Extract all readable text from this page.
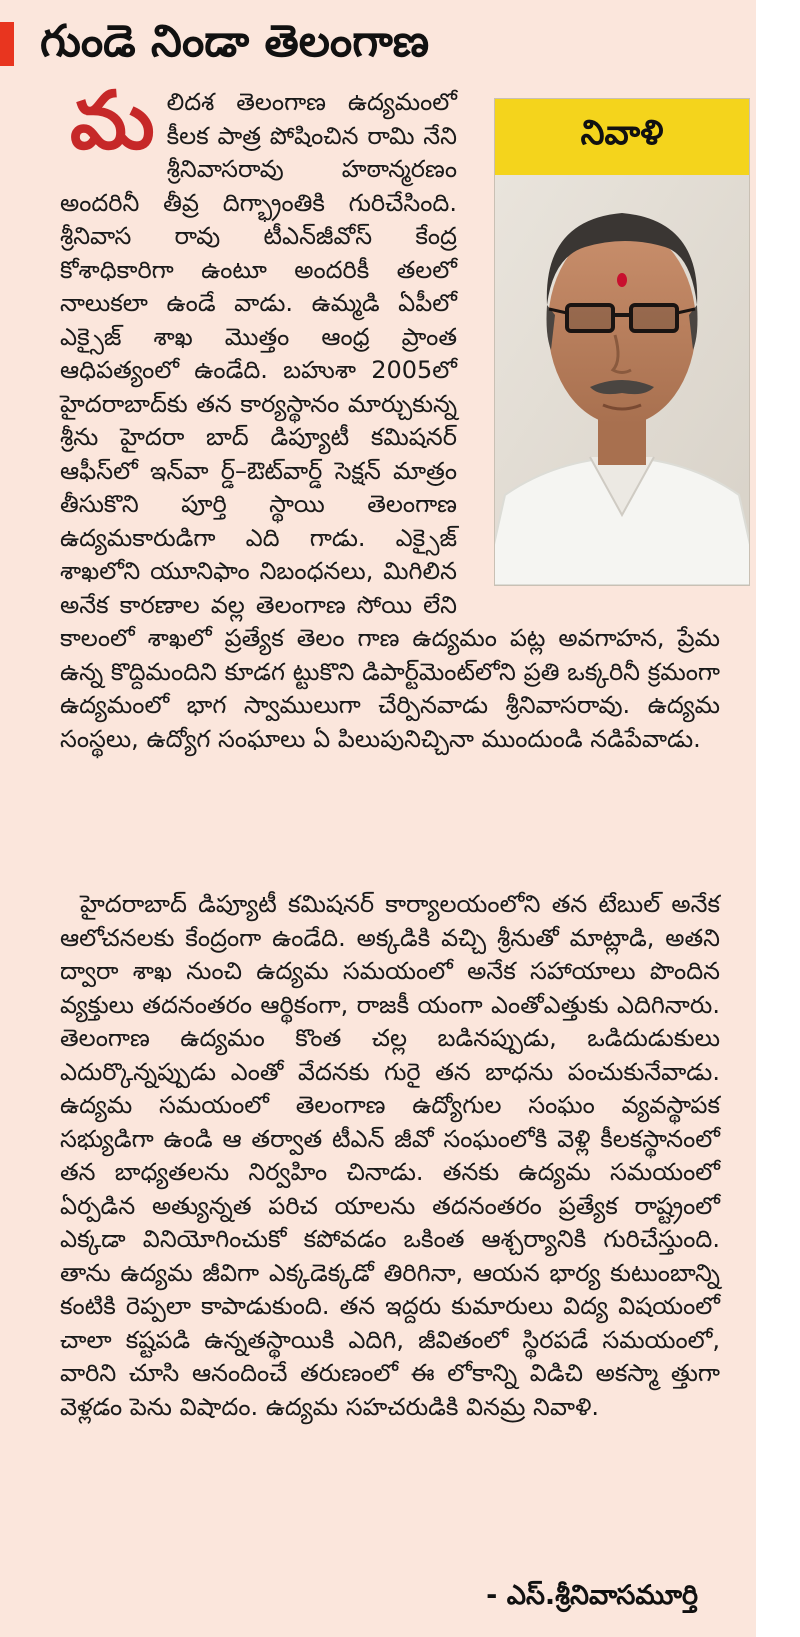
గుండె నిండా తెలంగాణ
మ లిదశ తెలంగాణ ఉద్యమంలో కీలక పాత్ర పోషించిన రామి నేని శ్రీనివాసరావు హఠాన్మరణం అందరినీ తీవ్ర దిగ్భ్రాంతికి గురిచేసింది. శ్రీనివాస రావు టీఎన్‌జీవోస్ కేంద్ర కోశాధికారిగా ఉంటూ అందరికీ తలలో నాలుకలా ఉండే వాడు. ఉమ్మడి ఏపీలో ఎక్సైజ్ శాఖ మొత్తం ఆంధ్ర ప్రాంత ఆధిపత్యంలో ఉండేది. బహుశా 2005లో హైదరాబాద్‌కు తన కార్యస్థానం మార్చుకున్న శ్రీను హైదరా బాద్ డిప్యూటీ కమిషనర్ ఆఫీస్‌లో ఇన్‌వా ర్డ్–ఔట్‌వార్డ్ సెక్షన్ మాత్రం తీసుకొని పూర్తి స్థాయి తెలంగాణ ఉద్యమకారుడిగా ఎది గాడు. ఎక్సైజ్ శాఖలోని యూనిఫాం నిబంధనలు, మిగిలిన అనేక కారణాల వల్ల తెలంగాణ సోయి లేని కాలంలో శాఖలో ప్రత్యేక తెలం గాణ ఉద్యమం పట్ల అవగాహన, ప్రేమ ఉన్న కొద్దిమందిని కూడగ ట్టుకొని డిపార్ట్‌మెంట్‌లోని ప్రతి ఒక్కరినీ క్రమంగా ఉద్యమంలో భాగ స్వాములుగా చేర్పినవాడు శ్రీనివాసరావు. ఉద్యమ సంస్థలు, ఉద్యోగ సంఘాలు ఏ పిలుపునిచ్చినా ముందుండి నడిపేవాడు.
నివాళి
హైదరాబాద్ డిప్యూటీ కమిషనర్ కార్యాలయంలోని తన టేబుల్ అనేక ఆలోచనలకు కేంద్రంగా ఉండేది. అక్కడికి వచ్చి శ్రీనుతో మాట్లాడి, అతని ద్వారా శాఖ నుంచి ఉద్యమ సమయంలో అనేక సహాయాలు పొందిన వ్యక్తులు తదనంతరం ఆర్థికంగా, రాజకీ యంగా ఎంతోఎత్తుకు ఎదిగినారు. తెలంగాణ ఉద్యమం కొంత చల్ల బడినప్పుడు, ఒడిదుడుకులు ఎదుర్కొన్నప్పుడు ఎంతో వేదనకు గురై తన బాధను పంచుకునేవాడు. ఉద్యమ సమయంలో తెలంగాణ ఉద్యోగుల సంఘం వ్యవస్థాపక సభ్యుడిగా ఉండి ఆ తర్వాత టీఎన్ జీవో సంఘంలోకి వెళ్లి కీలకస్థానంలో తన బాధ్యతలను నిర్వహిం చినాడు. తనకు ఉద్యమ సమయంలో ఏర్పడిన అత్యున్నత పరిచ యాలను తదనంతరం ప్రత్యేక రాష్ట్రంలో ఎక్కడా వినియోగించుకో కపోవడం ఒకింత ఆశ్చర్యానికి గురిచేస్తుంది. తాను ఉద్యమ జీవిగా ఎక్కడెక్కడో తిరిగినా, ఆయన భార్య కుటుంబాన్ని కంటికి రెప్పలా కాపాడుకుంది. తన ఇద్దరు కుమారులు విద్య విషయంలో చాలా కష్టపడి ఉన్నతస్థాయికి ఎదిగి, జీవితంలో స్థిరపడే సమయంలో, వారిని చూసి ఆనందించే తరుణంలో ఈ లోకాన్ని విడిచి అకస్మా త్తుగా వెళ్లడం పెను విషాదం. ఉద్యమ సహచరుడికి వినమ్ర నివాళి.
- ఎస్.శ్రీనివాసమూర్తి
